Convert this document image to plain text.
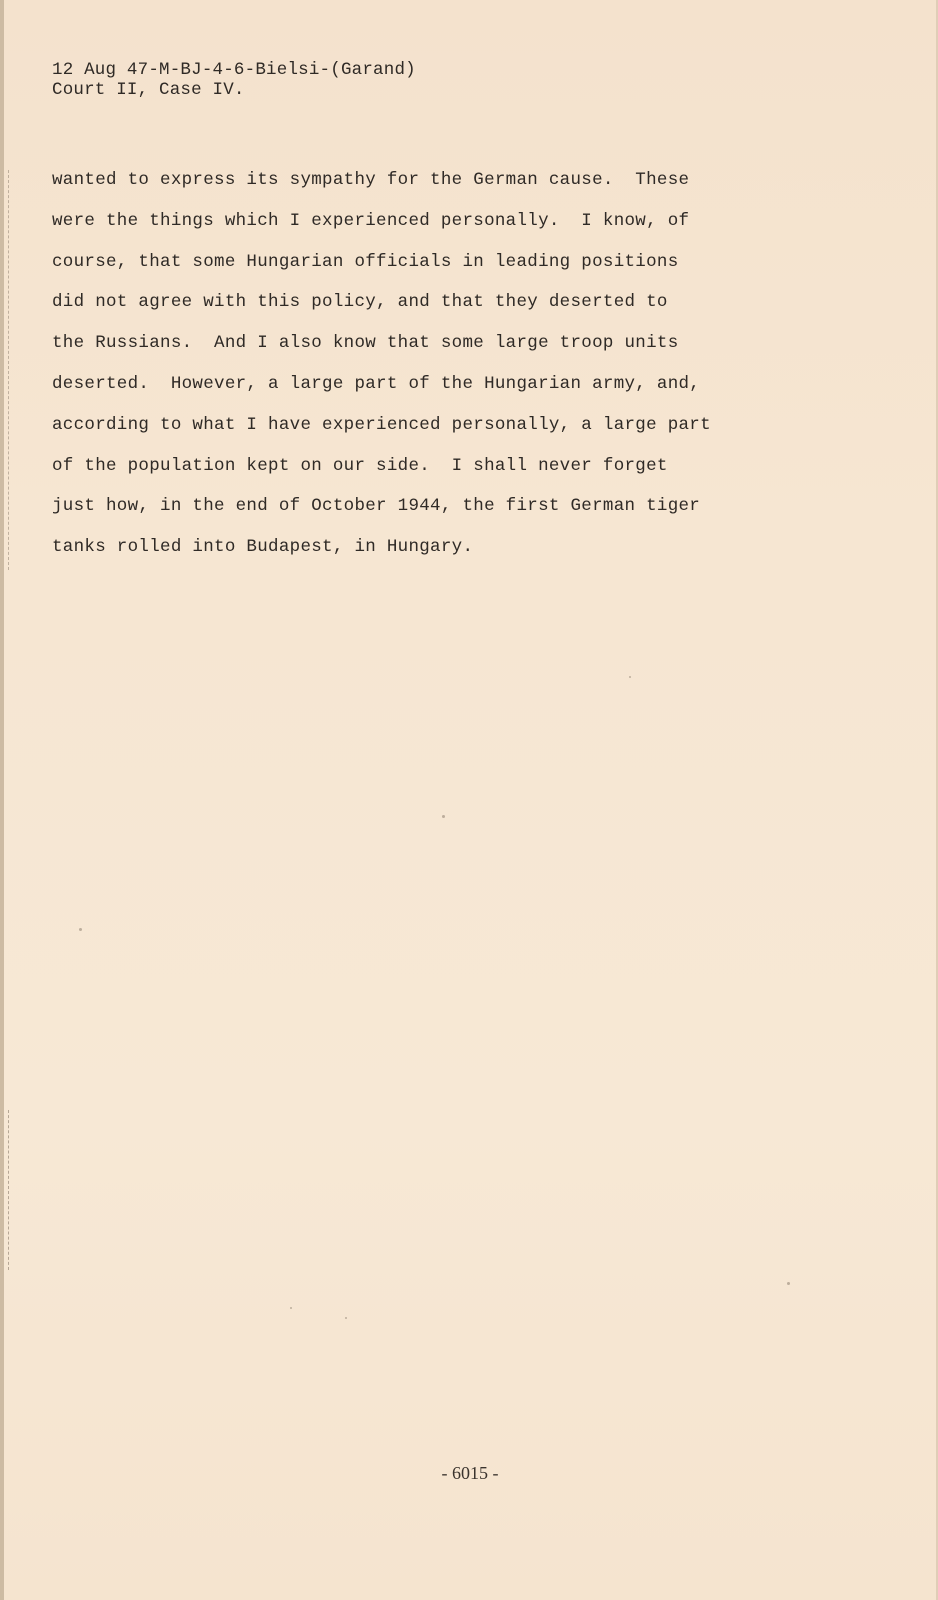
12 Aug 47-M-BJ-4-6-Bielsi-(Garand)
Court II, Case IV.
wanted to express its sympathy for the German cause.  These
were the things which I experienced personally.  I know, of
course, that some Hungarian officials in leading positions
did not agree with this policy, and that they deserted to
the Russians.  And I also know that some large troop units
deserted.  However, a large part of the Hungarian army, and,
according to what I have experienced personally, a large part
of the population kept on our side.  I shall never forget
just how, in the end of October 1944, the first German tiger
tanks rolled into Budapest, in Hungary.
- 6015 -
